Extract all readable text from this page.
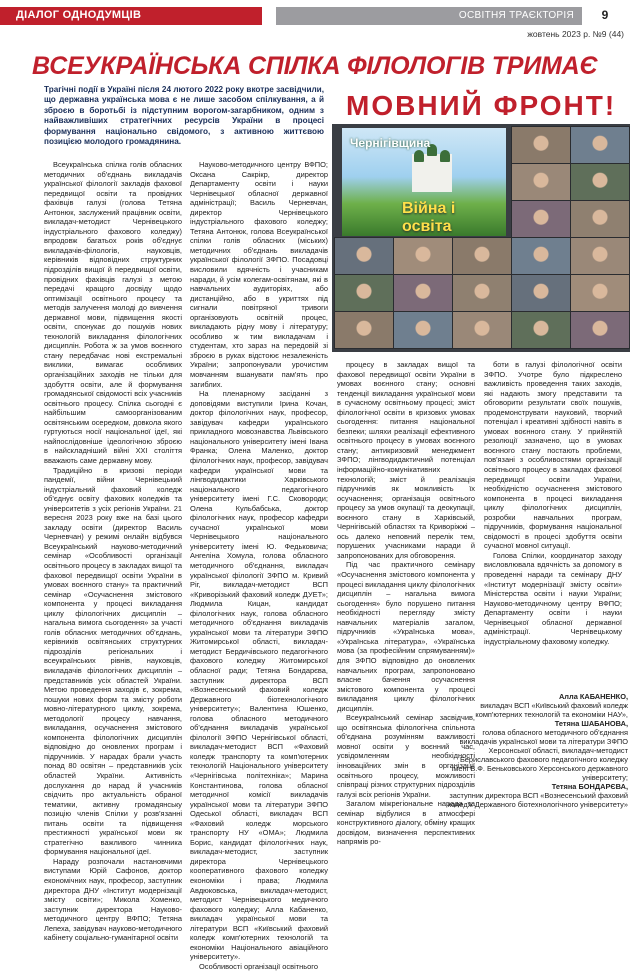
ДІАЛОГ ОДНОДУМЦІВ	ОСВІТНЯ ТРАЄКТОРІЯ	9
жовтень 2023 р. №9 (44)
ВСЕУКРАЇНСЬКА СПІЛКА ФІЛОЛОГІВ ТРИМАЄ
МОВНИЙ ФРОНТ!
Трагічні події в Україні після 24 лютого 2022 року вкотре засвідчили, що державна українська мова є не лише засобом спілкування, а й зброєю в боротьбі із підступним ворогом-загарбником, одним з найважливіших стратегічних ресурсів України в процесі формування національно свідомого, з активною життєвою позицією молодого громадянина.	Чернігівщина
Війна і освіта

Всеукраїнська спілка голів обласних методичних об'єднань викладачів української філології закладів фахової передвищої освіти та провідних фахівців галузі (голова Тетяна Антонюк, заслужений працівник освіти, викладач-методист Чернівецького індустріального фахового коледжу) впродовж багатьох років об'єднує викладачів-філологів, науковців, керівників відповідних структурних підрозділів вищої й передвищої освіти, провідних фахівців галузі з метою передачі кращого досвіду щодо оптимізації освітнього процесу та методів залучення молоді до вивчення державної мови, підвищення якості освіти, спонукає до пошуків нових технологій викладання філологічних дисциплін. Робота ж за умов воєнного стану передбачає нові екстремальні виклики, вимагає особливих організаційних заходів не тільки для здобуття освіти, але й формування громадянської свідомості всіх учасників освітнього процесу. Спілка сьогодні є найбільшим самоорганізованим освітянським осередком, довкола якого гуртуються носії національної ідеї, які найпослідовніше ідеологічною зброєю в найскладніший війні ХХІ століття вважають саме державну мову.

Традиційно в кризові періоди пандемії, війни Чернівецький індустріальний фаховий коледж об'єднує освіту фахових коледжів та університетів з усіх регіонів України. 21 вересня 2023 року вже на базі цього закладу освіти (директор Василь Черневчан) у режимі онлайн відбувся Всеукраїнський науково-методичний семінар «Особливості організації освітнього процесу в закладах вищої та фахової передвищої освіти України в умовах воєнного стану» та практичний семінар «Осучаснення змістового компонента у процесі викладання циклу філологічних дисциплін – нагальна вимога сьогодення» за участі голів обласних методичних об'єднань, керівників освітянських структурних підрозділів регіональних і всеукраїнських рівнів, науковців, викладачів філологічних дисциплін – представників усіх областей України. Метою проведення заходів є, зокрема, пошуки нових форм та змісту роботи мовно-літературного циклу, зокрема, методології процесу навчання, викладання, осучаснення змістового компонента філологічних дисциплін відповідно до оновлених програм і підручників. У нарадах брали участь понад 80 освітян – представників усіх областей України. Активність дослухання до нарад й учасників свідчить про актуальність обраної тематики, активну громадянську позицію членів Спілки у розв'язанні питань освіти та підвищення престижності української мови як стратегічно важливого чинника формування національної ідеї.

Нараду розпочали настановчими виступами Юрій Сафонов, доктор економічних наук, професор, заступник директора ДНУ «Інститут модернізації змісту освіти»; Микола Хоменко, заступник директора Науково-методичного центру ВФПО; Тетяна Лепеха, завідувач науково-методичного кабінету соціально-гуманітарної освіти

Науково-методичного центру ВФПО; Оксана Сакрікр, директор Департаменту освіти і науки Чернівецької обласної державної адміністрації; Василь Черневчан, директор Чернівецького індустріального фахового коледжу; Тетяна Антонюк, голова Всеукраїнської спілки голів обласних (міських) методичних об'єднань викладачів української філології ЗФПО. Посадовці висловили вдячність і учасникам наради, й усім колегам-освітянам, які в навчальних аудиторіях, або дистанційно, або в укриттях під сигнали повітряної тривоги організовують освітній процес, викладають рідну мову і літературу; особливо ж тим викладачам і студентам, хто зараз на передовій зі зброєю в руках відстоює незалежність України; запропонували урочистим мовчанням вшанувати пам'ять про загиблих.

На пленарному засіданні з доповідями виступили Ірина Кочан, доктор філологічних наук, професор, завідувач кафедри українського прикладного мовознавства Львівського національного університету імені Івана Франка; Олена Маленко, доктор філологічних наук, професор, завідувач кафедри української мови та лінгводидактики Харківського національного педагогічного університету імені Г.С. Сковороди; Олена Кульбабська, доктор філологічних наук, професор кафедри сучасної української мови Чернівецького національного університету імені Ю. Федьковича; Ангеліна Хомула, голова обласного методичного об'єднання, викладач української філології ЗФПО м. Кривий Ріг, викладач-методист ВСП «Криворізький фаховий коледж ДУЕТ»; Людмила Кицан, кандидат філологічних наук, голова обласного методичного об'єднання викладачів української мови та літератури ЗФПО Житомирської області, викладач-методист Бердичівського педагогічного фахового коледжу Житомирської обласної ради; Тетяна Бондарєва, заступник директора ВСП «Вознесенський фаховий коледж Державного біотехнологічного університету»; Валентина Юшенко, голова обласного методичного об'єднання викладачів української філології ЗФПО Чернігівської області, викладач-методист ВСП «Фаховий коледж транспорту та комп'ютерних технологій Національного університету «Чернігівська політехніка»; Марина Константинова, голова обласної методичної комісії викладачів української мови та літератури ЗФПО Одеської області, викладач ВСП «Фаховий коледж морського транспорту НУ «ОМА»; Людмила Борис, кандидат філологічних наук, викладач-методист, заступник директора Чернівецького кооперативного фахового коледжу економіки і права; Людмила Авдюковська, викладач-методист, методист Чернівецького медичного фахового коледжу; Алла Кабаненко, викладач української мови та літератури ВСП «Київський фаховий коледж комп'ютерних технологій та економіки Національного авіаційного університету».

Особливості організації освітнього

процесу в закладах вищої та фахової передвищої освіти України в умовах воєнного стану; основні тенденції викладання української мови в сучасному освітньому процесі; зміст філологічної освіти в кризових умовах сьогодення: питання національної безпеки; шляхи реалізації ефективного освітнього процесу в умовах воєнного стану; антикризовий менеджмент ЗФПО; лінгводидактичний потенціал інформаційно-комунікативних технологій; зміст й реалізація підручників як можливість їх осучаснення; організація освітнього процесу за умов окупації та деокупації, воєнного стану в Харківській, Чернігівській областях та Криворіжжі – ось далеко неповний перелік тем, порушених учасниками наради й запропонованих для обговорення.

Під час практичного семінару «Осучаснення змістового компонента у процесі викладання циклу філологічних дисциплін – нагальна вимога сьогодення» було порушено питання необхідності перегляду змісту навчальних матеріалів загалом, підручників «Українська мова», «Українська література», «Українська мова (за професійним спрямуванням)» для ЗФПО відповідно до оновлених навчальних програм, запропоновано власне бачення осучаснення змістового компонента у процесі викладання циклу філологічних дисциплін.

Всеукраїнський семінар засвідчив, що освітянська філологічна спільнота об'єднана розумінням важливості мовної освіти у воєнний час, усвідомленням необхідності інноваційних змін в організації освітнього процесу, можливості співпраці різних структурних підрозділів галузі всіх регіонів України.

Загалом міжрегіональне нарада та семінар відбулися в атмосфері конструктивного діалогу, обміну кращих досвідом, визначення перспективних напрямів ро-

боти в галузі філологічної освіти ЗФПО. Учотре було підкреслено важливість проведення таких заходів, які надають змогу представити та обговорити результати своїх пошуків, продемонструвати науковий, творчий потенціал і креативні здібності навіть в умовах воєнного стану. У прийнятій резолюції зазначено, що в умовах воєнного стану постають проблеми, пов'язані з особливостями організації освітнього процесу в закладах фахової передвищої освіти України, необхідністю осучаснення змістового компонента в процесі викладання циклу філологічних дисциплін, розробки навчальних програм, підручників, формування національної свідомості в процесі здобуття освіти сучасної мовної ситуації.

Голова Спілки, координатор заходу висловлювала вдячність за допомогу в проведенні наради та семінару ДНУ «Інститут модернізації змісту освіти» Міністерства освіти і науки України; Науково-методичному центру ВФПО; Департаменту освіти і науки Чернівецької обласної державної адміністрації. Чернівецькому індустріальному фаховому коледжу.

Алла КАБАНЕНКО,
викладач ВСП «Київський фаховий коледж комп'ютерних технологій та економіки НАУ»,
Тетяна ШАБАНОВА,
голова обласного методичного об'єднання викладачів української мови та літератури ЗФПО Херсонської області, викладач-методист Бериславського фахового педагогічного коледжу імені В.Ф. Беньковського Херсонського державного університету;
Тетяна БОНДАРЄВА,
заступник директора ВСП «Вознесенський фаховий коледж Державного біотехнологічного університету»
